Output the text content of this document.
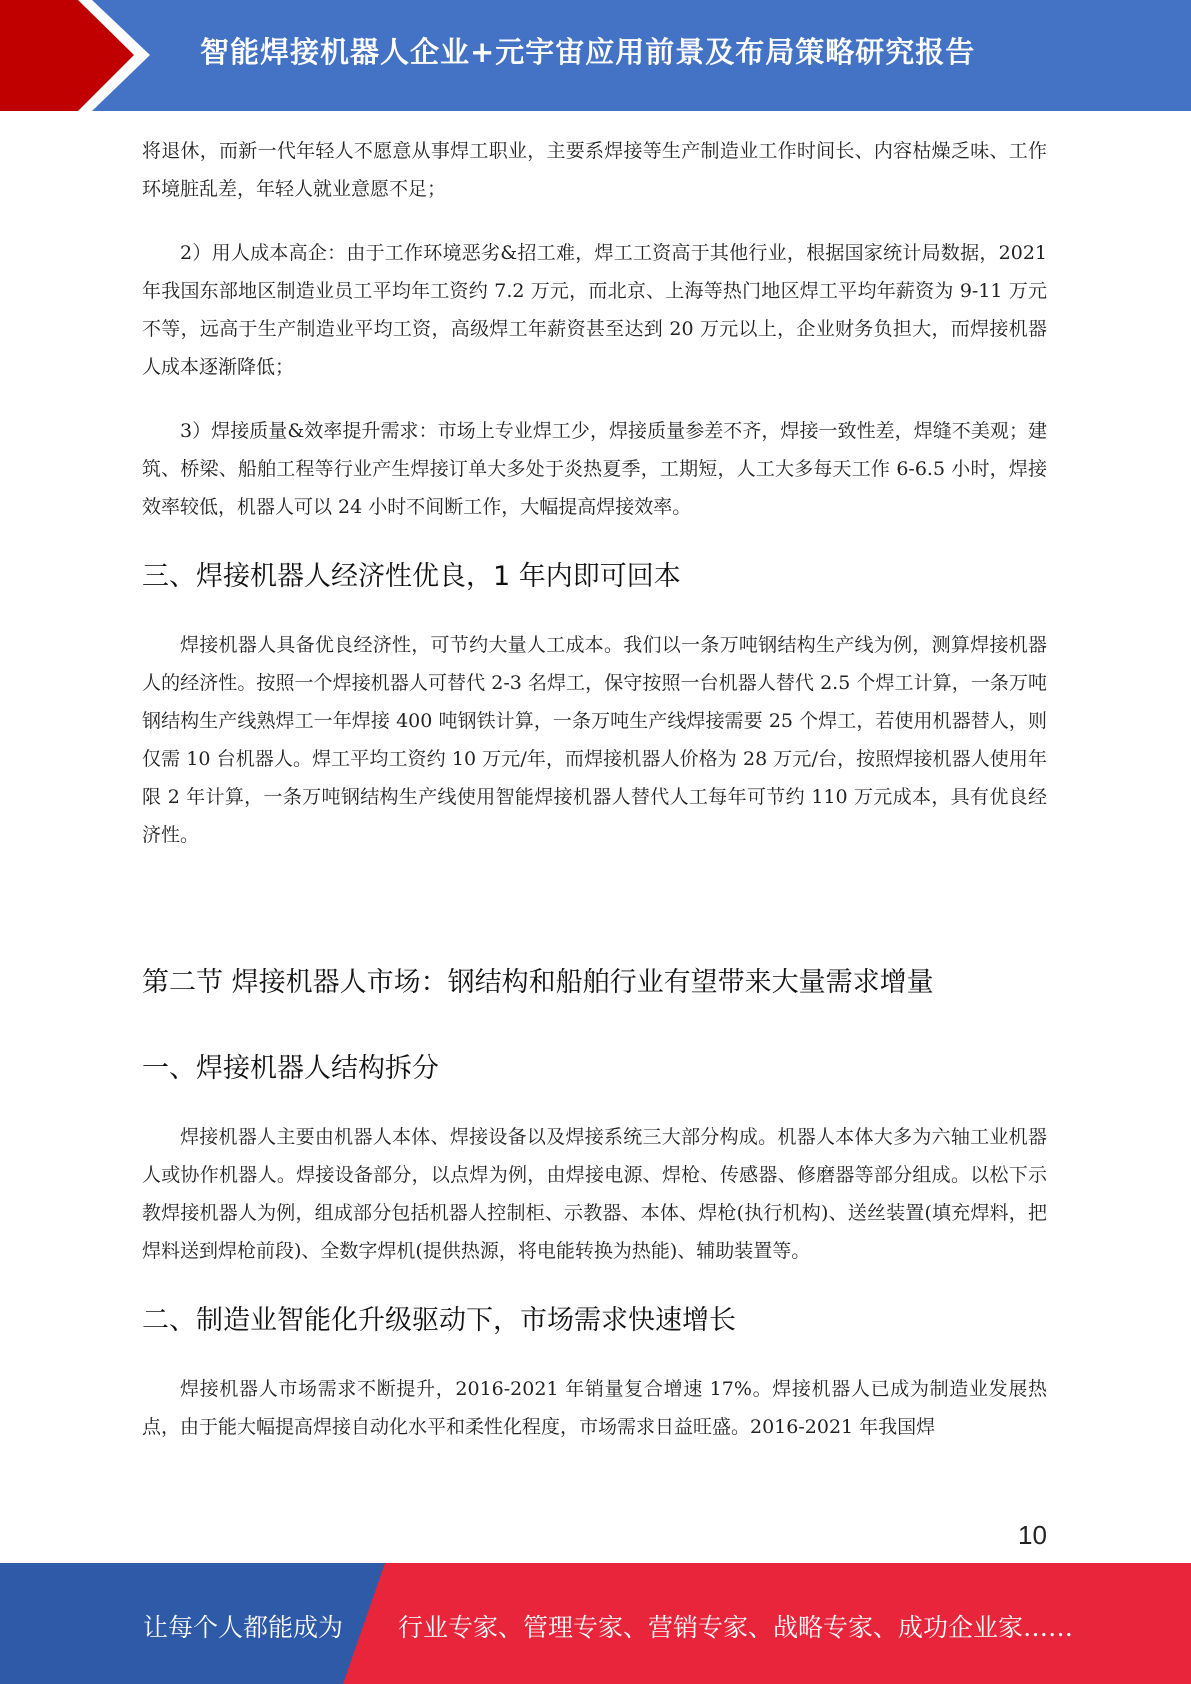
智能焊接机器人企业+元宇宙应用前景及布局策略研究报告

将退休，而新一代年轻人不愿意从事焊工职业，主要系焊接等生产制造业工作时间长、内容枯燥乏味、工作环境脏乱差，年轻人就业意愿不足；

2）用人成本高企：由于工作环境恶劣&招工难，焊工工资高于其他行业，根据国家统计局数据，2021 年我国东部地区制造业员工平均年工资约 7.2 万元，而北京、上海等热门地区焊工平均年薪资为 9-11 万元不等，远高于生产制造业平均工资，高级焊工年薪资甚至达到 20 万元以上，企业财务负担大，而焊接机器人成本逐渐降低；

3）焊接质量&效率提升需求：市场上专业焊工少，焊接质量参差不齐，焊接一致性差，焊缝不美观；建筑、桥梁、船舶工程等行业产生焊接订单大多处于炎热夏季，工期短，人工大多每天工作 6-6.5 小时，焊接效率较低，机器人可以 24 小时不间断工作，大幅提高焊接效率。

三、焊接机器人经济性优良，1 年内即可回本

焊接机器人具备优良经济性，可节约大量人工成本。我们以一条万吨钢结构生产线为例，测算焊接机器人的经济性。按照一个焊接机器人可替代 2-3 名焊工，保守按照一台机器人替代 2.5 个焊工计算，一条万吨钢结构生产线熟焊工一年焊接 400 吨钢铁计算，一条万吨生产线焊接需要 25 个焊工，若使用机器替人，则仅需 10 台机器人。焊工平均工资约 10 万元/年，而焊接机器人价格为 28 万元/台，按照焊接机器人使用年限 2 年计算，一条万吨钢结构生产线使用智能焊接机器人替代人工每年可节约 110 万元成本，具有优良经济性。

第二节 焊接机器人市场：钢结构和船舶行业有望带来大量需求增量
一、焊接机器人结构拆分

焊接机器人主要由机器人本体、焊接设备以及焊接系统三大部分构成。机器人本体大多为六轴工业机器人或协作机器人。焊接设备部分，以点焊为例，由焊接电源、焊枪、传感器、修磨器等部分组成。以松下示教焊接机器人为例，组成部分包括机器人控制柜、示教器、本体、焊枪(执行机构)、送丝装置(填充焊料，把焊料送到焊枪前段)、全数字焊机(提供热源，将电能转换为热能)、辅助装置等。

二、制造业智能化升级驱动下，市场需求快速增长

焊接机器人市场需求不断提升，2016-2021 年销量复合增速 17%。焊接机器人已成为制造业发展热点，由于能大幅提高焊接自动化水平和柔性化程度，市场需求日益旺盛。2016-2021 年我国焊

10
让每个人都能成为 行业专家、管理专家、营销专家、战略专家、成功企业家……
